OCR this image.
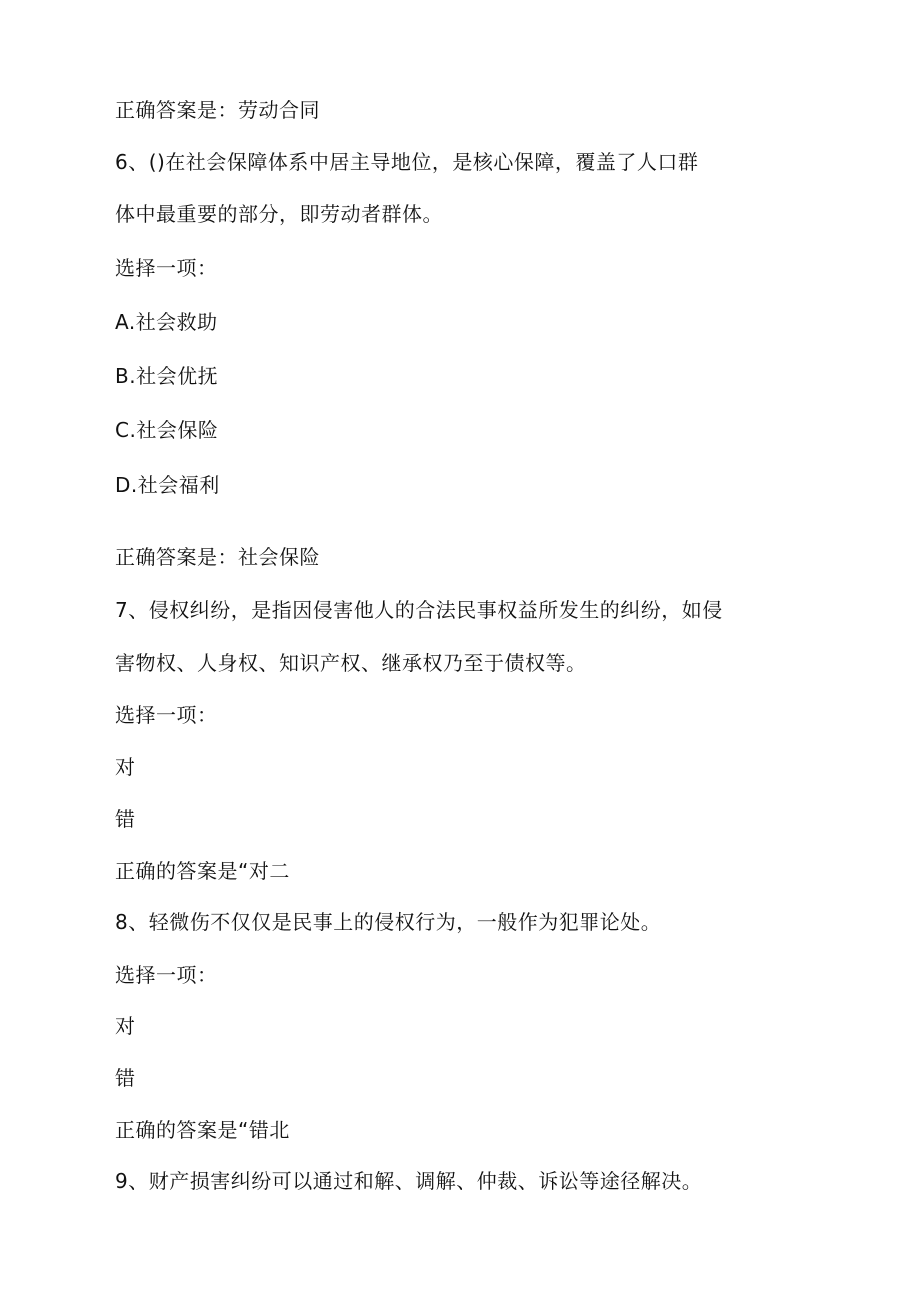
正确答案是：劳动合同
6、()在社会保障体系中居主导地位，是核心保障，覆盖了人口群
体中最重要的部分，即劳动者群体。
选择一项：
A.社会救助
B.社会优抚
C.社会保险
D.社会福利
正确答案是：社会保险
7、侵权纠纷，是指因侵害他人的合法民事权益所发生的纠纷，如侵
害物权、人身权、知识产权、继承权乃至于债权等。
选择一项：
对
错
正确的答案是“对二
8、轻微伤不仅仅是民事上的侵权行为，一般作为犯罪论处。
选择一项：
对
错
正确的答案是“错北
9、财产损害纠纷可以通过和解、调解、仲裁、诉讼等途径解决。
